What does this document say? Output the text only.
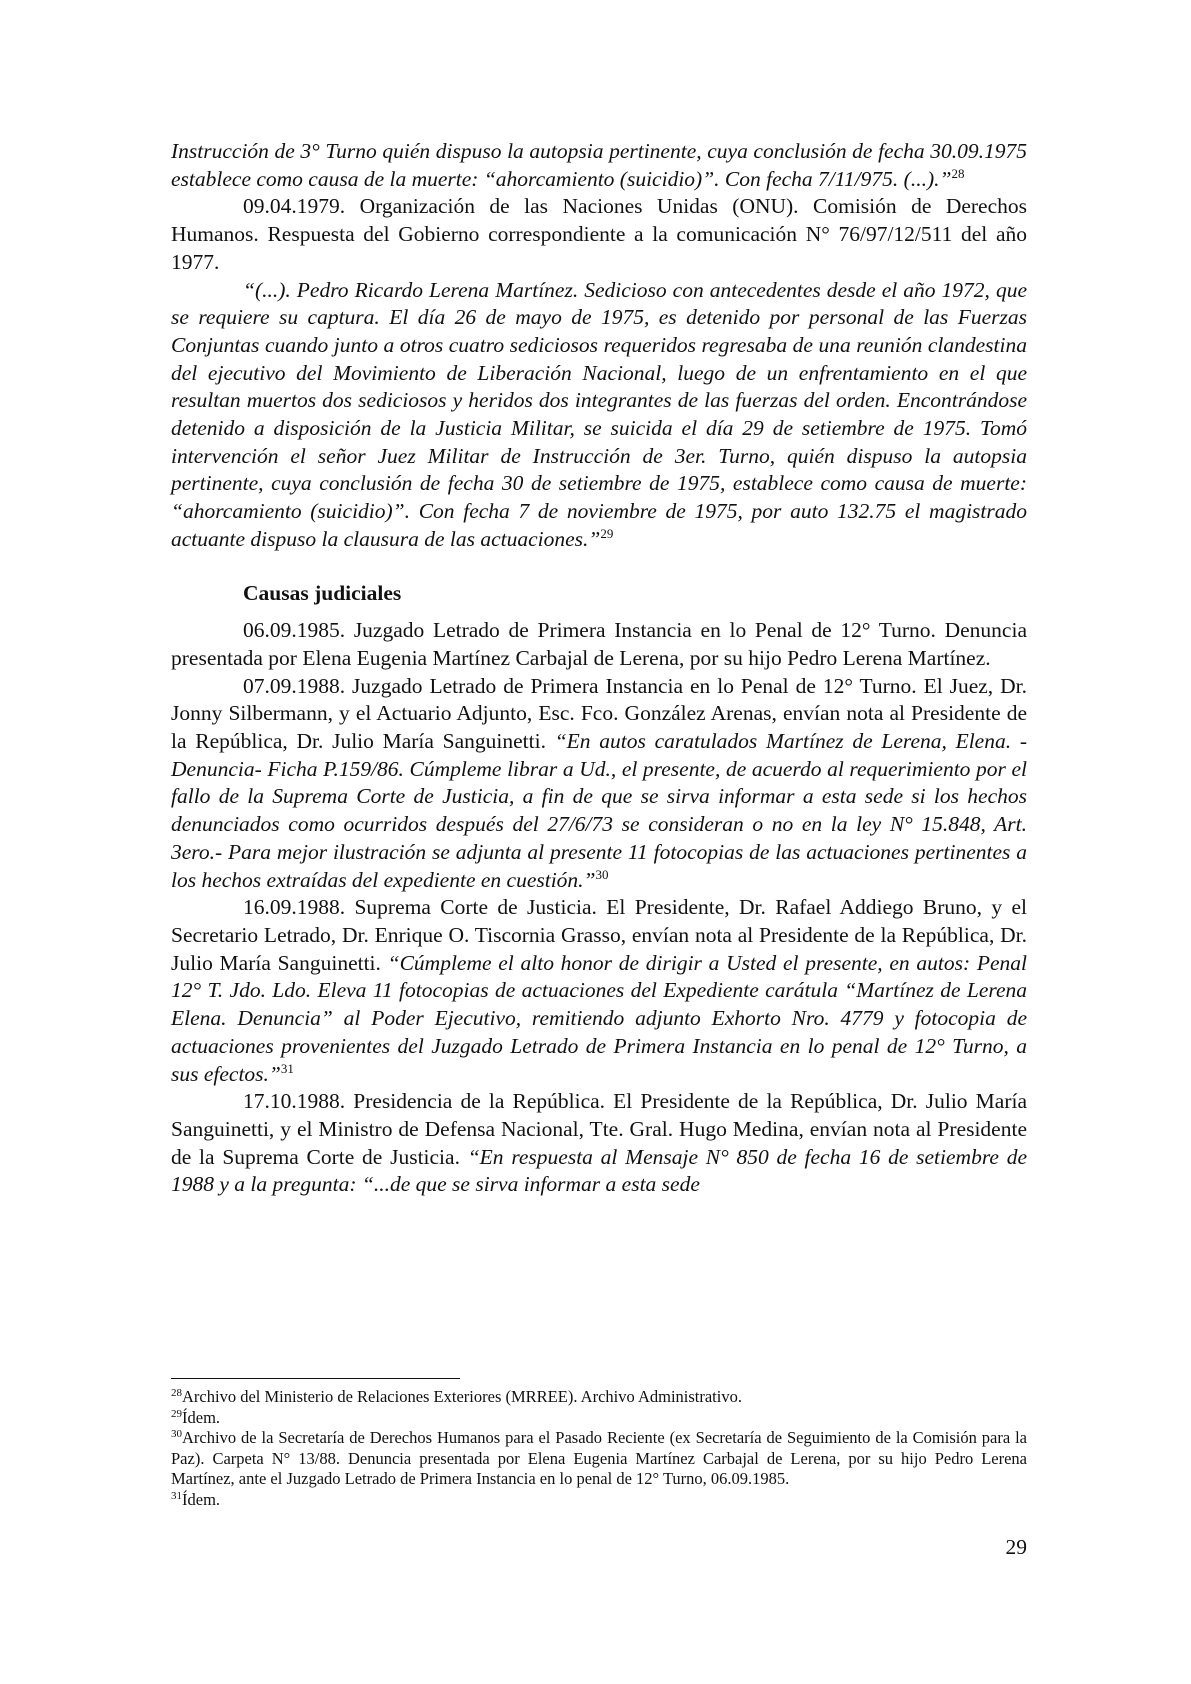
Instrucción de 3° Turno quién dispuso la autopsia pertinente, cuya conclusión de fecha 30.09.1975 establece como causa de la muerte: “ahorcamiento (suicidio)”. Con fecha 7/11/975. (...).”$^{28}$

09.04.1979. Organización de las Naciones Unidas (ONU). Comisión de Derechos Humanos. Respuesta del Gobierno correspondiente a la comunicación N° 76/97/12/511 del año 1977.

“(...). Pedro Ricardo Lerena Martínez. Sedicioso con antecedentes desde el año 1972, que se requiere su captura. El día 26 de mayo de 1975, es detenido por personal de las Fuerzas Conjuntas cuando junto a otros cuatro sediciosos requeridos regresaba de una reunión clandestina del ejecutivo del Movimiento de Liberación Nacional, luego de un enfrentamiento en el que resultan muertos dos sediciosos y heridos dos integrantes de las fuerzas del orden. Encontrándose detenido a disposición de la Justicia Militar, se suicida el día 29 de setiembre de 1975. Tomó intervención el señor Juez Militar de Instrucción de 3er. Turno, quién dispuso la autopsia pertinente, cuya conclusión de fecha 30 de setiembre de 1975, establece como causa de muerte: “ahorcamiento (suicidio)”. Con fecha 7 de noviembre de 1975, por auto 132.75 el magistrado actuante dispuso la clausura de las actuaciones.”$^{29}$

Causas judiciales

06.09.1985. Juzgado Letrado de Primera Instancia en lo Penal de 12° Turno. Denuncia presentada por Elena Eugenia Martínez Carbajal de Lerena, por su hijo Pedro Lerena Martínez.

07.09.1988. Juzgado Letrado de Primera Instancia en lo Penal de 12° Turno. El Juez, Dr. Jonny Silbermann, y el Actuario Adjunto, Esc. Fco. González Arenas, envían nota al Presidente de la República, Dr. Julio María Sanguinetti. “En autos caratulados Martínez de Lerena, Elena. -Denuncia- Ficha P.159/86. Cúmpleme librar a Ud., el presente, de acuerdo al requerimiento por el fallo de la Suprema Corte de Justicia, a fin de que se sirva informar a esta sede si los hechos denunciados como ocurridos después del 27/6/73 se consideran o no en la ley N° 15.848, Art. 3ero.- Para mejor ilustración se adjunta al presente 11 fotocopias de las actuaciones pertinentes a los hechos extraídas del expediente en cuestión.”$^{30}$

16.09.1988. Suprema Corte de Justicia. El Presidente, Dr. Rafael Addiego Bruno, y el Secretario Letrado, Dr. Enrique O. Tiscornia Grasso, envían nota al Presidente de la República, Dr. Julio María Sanguinetti. “Cúmpleme el alto honor de dirigir a Usted el presente, en autos: Penal 12° T. Jdo. Ldo. Eleva 11 fotocopias de actuaciones del Expediente carátula “Martínez de Lerena Elena. Denuncia” al Poder Ejecutivo, remitiendo adjunto Exhorto Nro. 4779 y fotocopia de actuaciones provenientes del Juzgado Letrado de Primera Instancia en lo penal de 12° Turno, a sus efectos.”$^{31}$

17.10.1988. Presidencia de la República. El Presidente de la República, Dr. Julio María Sanguinetti, y el Ministro de Defensa Nacional, Tte. Gral. Hugo Medina, envían nota al Presidente de la Suprema Corte de Justicia. “En respuesta al Mensaje N° 850 de fecha 16 de setiembre de 1988 y a la pregunta: “...de que se sirva informar a esta sede

$^{28}$Archivo del Ministerio de Relaciones Exteriores (MRREE). Archivo Administrativo.

$^{29}$Ídem.

$^{30}$Archivo de la Secretaría de Derechos Humanos para el Pasado Reciente (ex Secretaría de Seguimiento de la Comisión para la Paz). Carpeta N° 13/88. Denuncia presentada por Elena Eugenia Martínez Carbajal de Lerena, por su hijo Pedro Lerena Martínez, ante el Juzgado Letrado de Primera Instancia en lo penal de 12° Turno, 06.09.1985.

$^{31}$Ídem.

29
